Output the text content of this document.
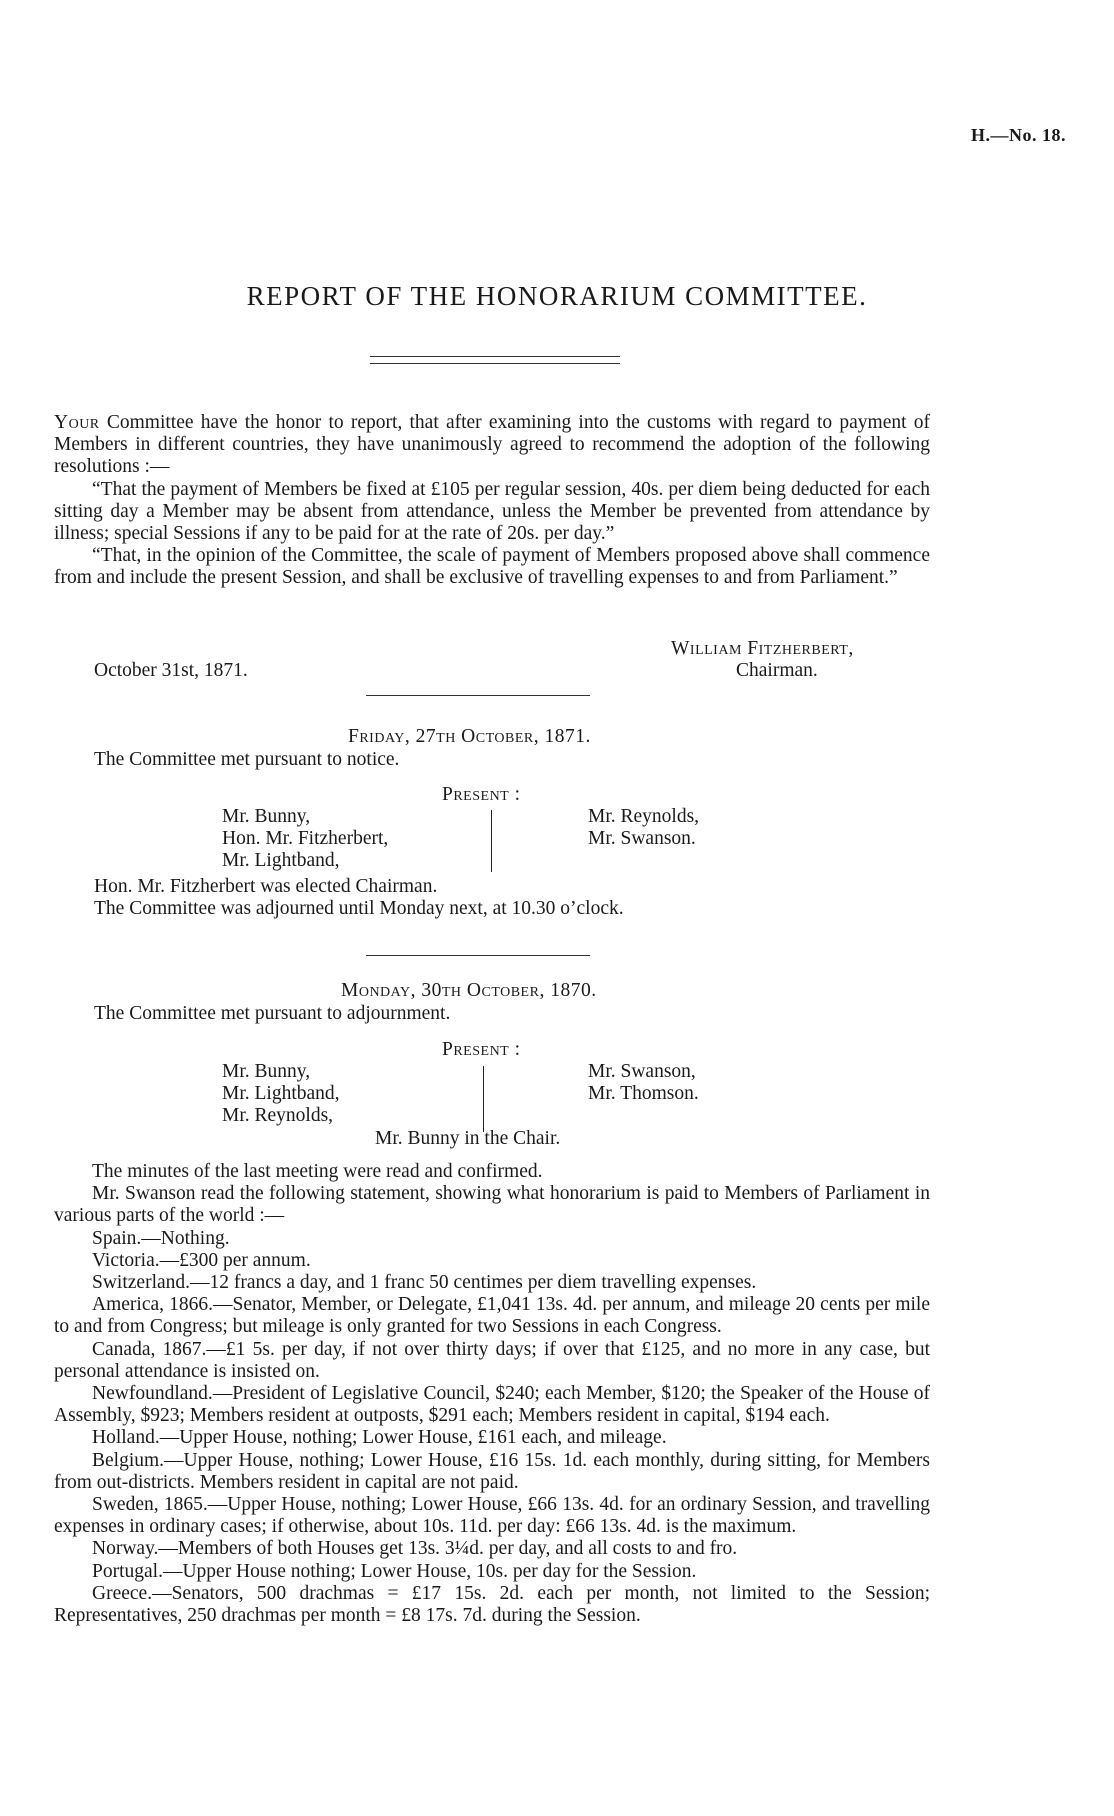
H.—No. 18.
REPORT OF THE HONORARIUM COMMITTEE.

Your Committee have the honor to report, that after examining into the customs with regard to payment of Members in different countries, they have unanimously agreed to recommend the adoption of the following resolutions :—

“That the payment of Members be fixed at £105 per regular session, 40s. per diem being deducted for each sitting day a Member may be absent from attendance, unless the Member be prevented from attendance by illness; special Sessions if any to be paid for at the rate of 20s. per day.”

“That, in the opinion of the Committee, the scale of payment of Members proposed above shall commence from and include the present Session, and shall be exclusive of travelling expenses to and from Parliament.”

William Fitzherbert,
October 31st, 1871.	Chairman.
Friday, 27th October, 1871.
The Committee met pursuant to notice.
Present :
Mr. Bunny,
Hon. Mr. Fitzherbert,
Mr. Lightband,
Mr. Reynolds,
Mr. Swanson.
Hon. Mr. Fitzherbert was elected Chairman.
The Committee was adjourned until Monday next, at 10.30 o’clock.
Monday, 30th October, 1870.
The Committee met pursuant to adjournment.
Present :
Mr. Bunny,
Mr. Lightband,
Mr. Reynolds,
Mr. Swanson,
Mr. Thomson.
Mr. Bunny in the Chair.

The minutes of the last meeting were read and confirmed.

Mr. Swanson read the following statement, showing what honorarium is paid to Members of Parliament in various parts of the world :—

Spain.—Nothing.

Victoria.—£300 per annum.

Switzerland.—12 francs a day, and 1 franc 50 centimes per diem travelling expenses.

America, 1866.—Senator, Member, or Delegate, £1,041 13s. 4d. per annum, and mileage 20 cents per mile to and from Congress; but mileage is only granted for two Sessions in each Congress.

Canada, 1867.—£1 5s. per day, if not over thirty days; if over that £125, and no more in any case, but personal attendance is insisted on.

Newfoundland.—President of Legislative Council, $240; each Member, $120; the Speaker of the House of Assembly, $923; Members resident at outposts, $291 each; Members resident in capital, $194 each.

Holland.—Upper House, nothing; Lower House, £161 each, and mileage.

Belgium.—Upper House, nothing; Lower House, £16 15s. 1d. each monthly, during sitting, for Members from out-districts. Members resident in capital are not paid.

Sweden, 1865.—Upper House, nothing; Lower House, £66 13s. 4d. for an ordinary Session, and travelling expenses in ordinary cases; if otherwise, about 10s. 11d. per day: £66 13s. 4d. is the maximum.

Norway.—Members of both Houses get 13s. 3¼d. per day, and all costs to and fro.

Portugal.—Upper House nothing; Lower House, 10s. per day for the Session.

Greece.—Senators, 500 drachmas = £17 15s. 2d. each per month, not limited to the Session; Representatives, 250 drachmas per month = £8 17s. 7d. during the Session.
